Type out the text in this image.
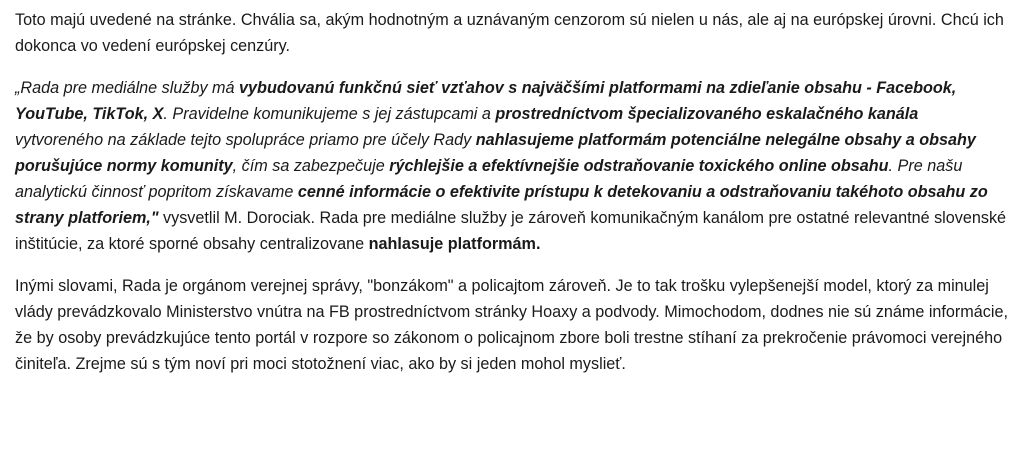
Toto majú uvedené na stránke. Chvália sa, akým hodnotným a uznávaným cenzorom sú nielen u nás, ale aj na európskej úrovni. Chcú ich dokonca vo vedení európskej cenzúry.

„Rada pre mediálne služby má vybudovanú funkčnú sieť vzťahov s najväčšími platformami na zdieľanie obsahu - Facebook, YouTube, TikTok, X. Pravidelne komunikujeme s jej zástupcami a prostredníctvom špecializovaného eskalačného kanála vytvoreného na základe tejto spolupráce priamo pre účely Rady nahlasujeme platformám potenciálne nelegálne obsahy a obsahy porušujúce normy komunity, čím sa zabezpečuje rýchlejšie a efektívnejšie odstraňovanie toxického online obsahu. Pre našu analytickú činnosť popritom získavame cenné informácie o efektivite prístupu k detekovaniu a odstraňovaniu takéhoto obsahu zo strany platforiem," vysvetlil M. Dorociak. Rada pre mediálne služby je zároveň komunikačným kanálom pre ostatné relevantné slovenské inštitúcie, za ktoré sporné obsahy centralizovane nahlasuje platformám.

Inými slovami, Rada je orgánom verejnej správy, "bonzákom" a policajtom zároveň. Je to tak trošku vylepšenejší model, ktorý za minulej vlády prevádzkovalo Ministerstvo vnútra na FB prostredníctvom stránky Hoaxy a podvody. Mimochodom, dodnes nie sú známe informácie, že by osoby prevádzkujúce tento portál v rozpore so zákonom o policajnom zbore boli trestne stíhaní za prekročenie právomoci verejného činiteľa. Zrejme sú s tým noví pri moci stotožnení viac, ako by si jeden mohol myslieť.
